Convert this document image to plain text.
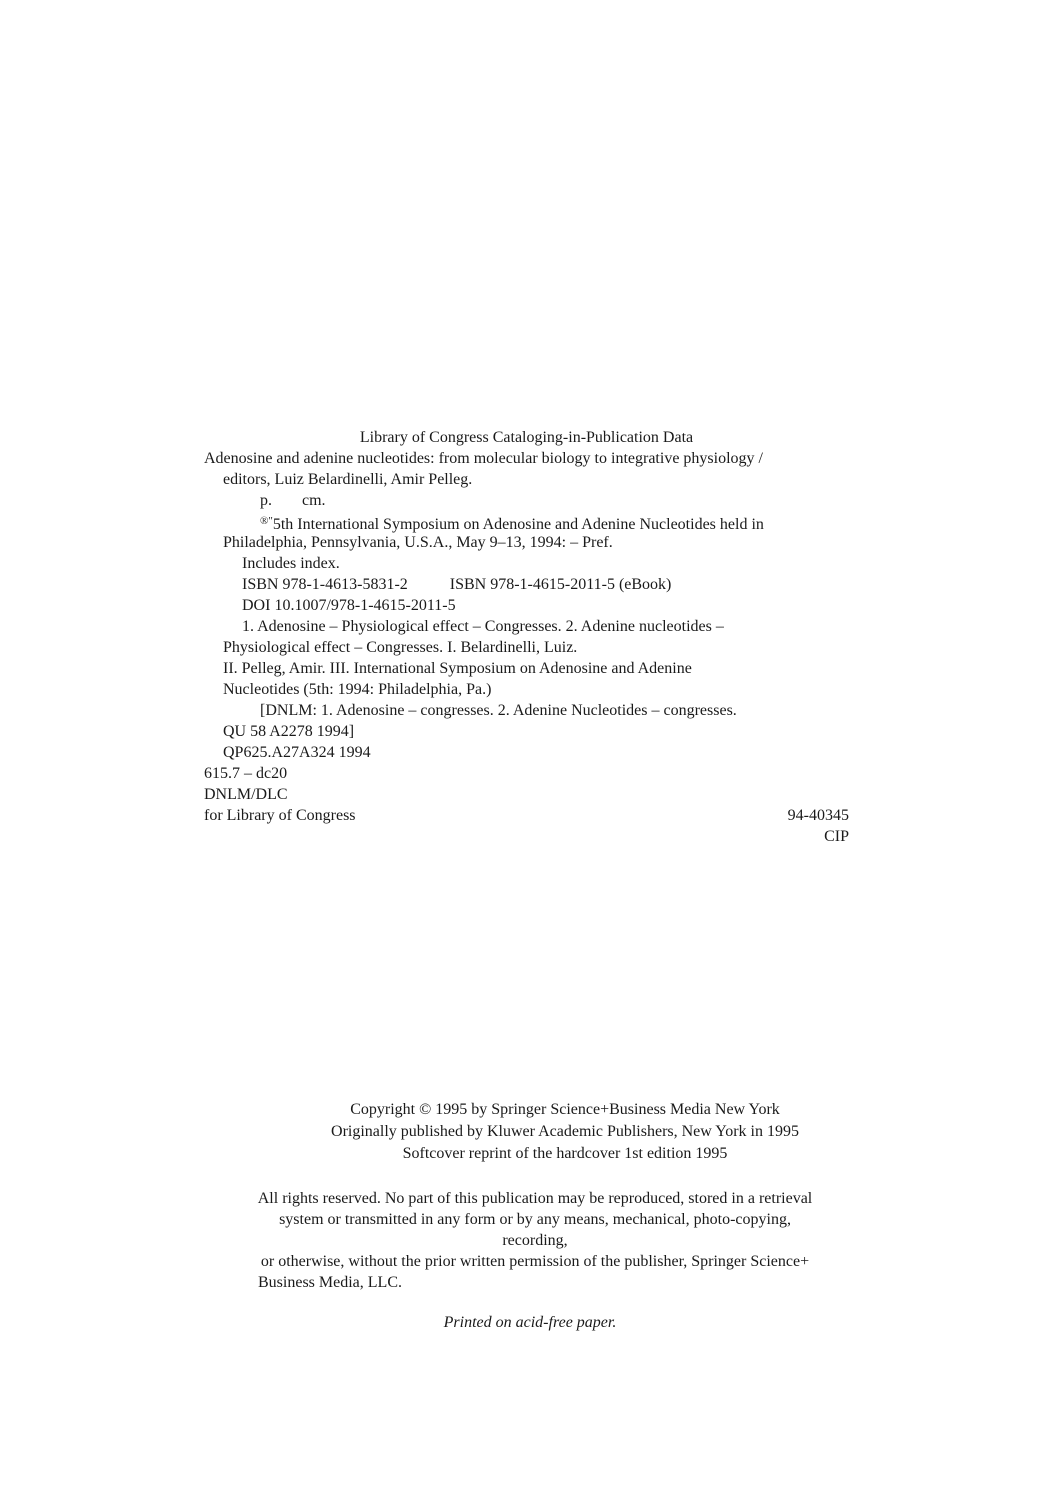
Library of Congress Cataloging-in-Publication Data
Adenosine and adenine nucleotides: from molecular biology to integrative physiology /
editors, Luiz Belardinelli, Amir Pelleg.
p. cm.
®"5th International Symposium on Adenosine and Adenine Nucleotides held in
Philadelphia, Pennsylvania, U.S.A., May 9–13, 1994: – Pref.
Includes index.
ISBN 978-1-4613-5831-2	ISBN 978-1-4615-2011-5 (eBook)
DOI 10.1007/978-1-4615-2011-5
1. Adenosine – Physiological effect – Congresses. 2. Adenine nucleotides –
Physiological effect – Congresses. I. Belardinelli, Luiz.
II. Pelleg, Amir. III. International Symposium on Adenosine and Adenine
Nucleotides (5th: 1994: Philadelphia, Pa.)
[DNLM: 1. Adenosine – congresses. 2. Adenine Nucleotides – congresses.
QU 58 A2278 1994]
QP625.A27A324 1994
615.7 – dc20
DNLM/DLC
for Library of Congress	94-40345
CIP
Copyright © 1995 by Springer Science+Business Media New York
Originally published by Kluwer Academic Publishers, New York in 1995
Softcover reprint of the hardcover 1st edition 1995
All rights reserved. No part of this publication may be reproduced, stored in a retrieval
system or transmitted in any form or by any means, mechanical, photo-copying,
recording,
or otherwise, without the prior written permission of the publisher, Springer Science+
Business Media, LLC.
Printed on acid-free paper.
